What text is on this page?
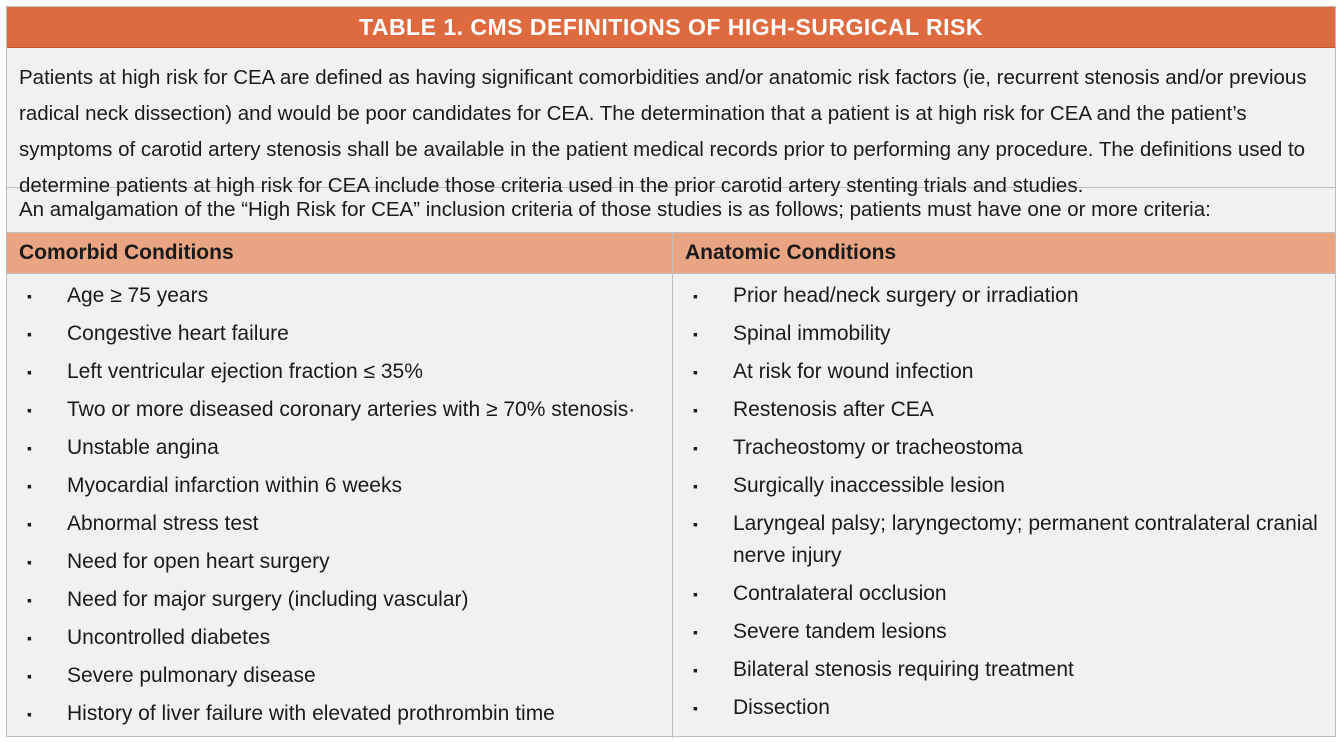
TABLE 1. CMS DEFINITIONS OF HIGH-SURGICAL RISK
Patients at high risk for CEA are defined as having significant comorbidities and/or anatomic risk factors (ie, recurrent stenosis and/or previous radical neck dissection) and would be poor candidates for CEA. The determination that a patient is at high risk for CEA and the patient’s symptoms of carotid artery stenosis shall be available in the patient medical records prior to performing any procedure. The definitions used to determine patients at high risk for CEA include those criteria used in the prior carotid artery stenting trials and studies.
An amalgamation of the “High Risk for CEA” inclusion criteria of those studies is as follows; patients must have one or more criteria:
Comorbid Conditions	Anatomic Conditions
▪ Age ≥ 75 years
▪ Congestive heart failure
▪ Left ventricular ejection fraction ≤ 35%
▪ Two or more diseased coronary arteries with ≥ 70% stenosis·
▪ Unstable angina
▪ Myocardial infarction within 6 weeks
▪ Abnormal stress test
▪ Need for open heart surgery
▪ Need for major surgery (including vascular)
▪ Uncontrolled diabetes
▪ Severe pulmonary disease
▪ History of liver failure with elevated prothrombin time
▪ Prior head/neck surgery or irradiation
▪ Spinal immobility
▪ At risk for wound infection
▪ Restenosis after CEA
▪ Tracheostomy or tracheostoma
▪ Surgically inaccessible lesion
▪ Laryngeal palsy; laryngectomy; permanent contralateral cranial nerve injury
▪ Contralateral occlusion
▪ Severe tandem lesions
▪ Bilateral stenosis requiring treatment
▪ Dissection
